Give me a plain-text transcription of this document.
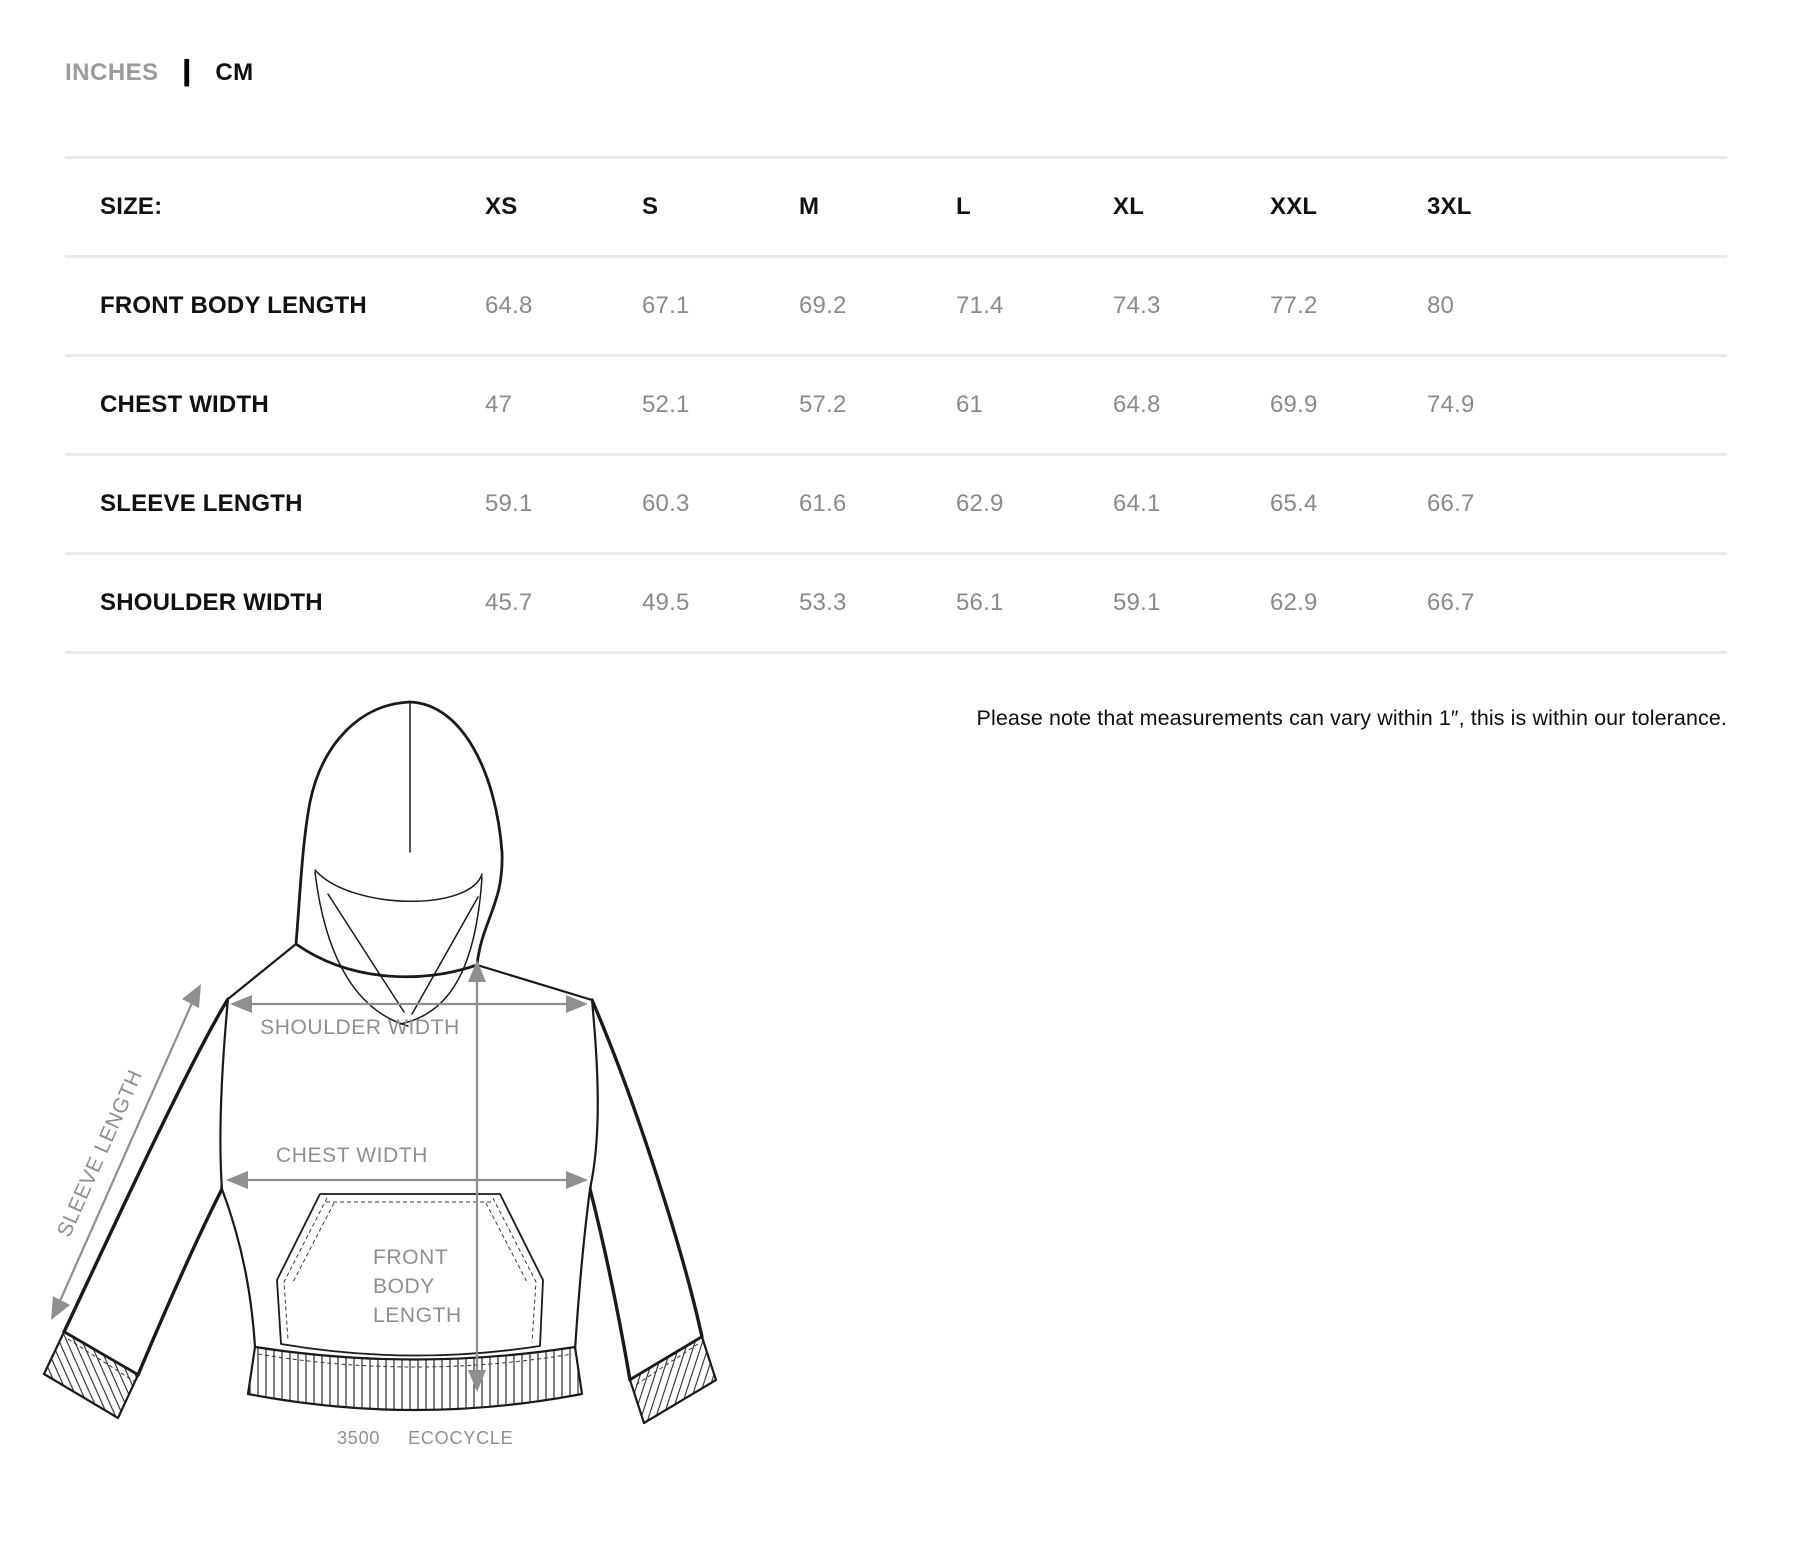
INCHES | CM
SIZE:	XS	S	M	L	XL	XXL	3XL
FRONT BODY LENGTH	64.8	67.1	69.2	71.4	74.3	77.2	80
CHEST WIDTH	47	52.1	57.2	61	64.8	69.9	74.9
SLEEVE LENGTH	59.1	60.3	61.6	62.9	64.1	65.4	66.7
SHOULDER WIDTH	45.7	49.5	53.3	56.1	59.1	62.9	66.7
Please note that measurements can vary within 1″, this is within our tolerance.
SHOULDER WIDTH
CHEST WIDTH
FRONT
BODY
LENGTH
SLEEVE LENGTH
3500 ECOCYCLE
